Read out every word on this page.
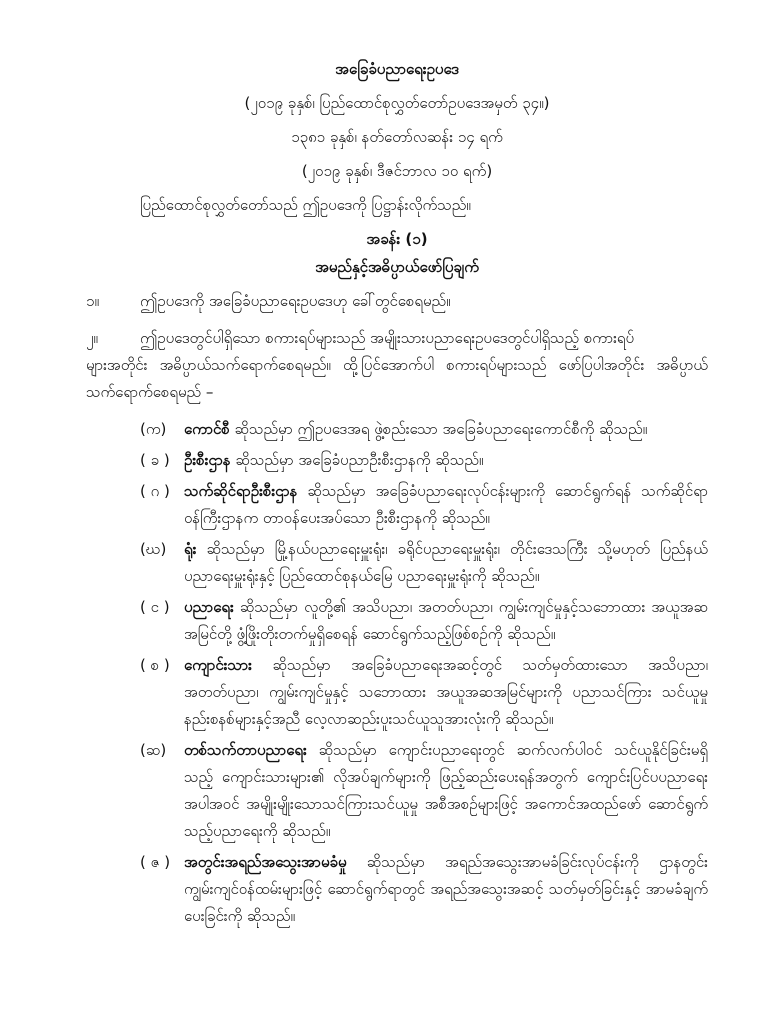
အခြေခံပညာရေးဥပဒေ
(၂၀၁၉ ခုနှစ်၊ ပြည်ထောင်စုလွှတ်တော်ဥပဒေအမှတ် ၃၄။)
၁၃၈၁ ခုနှစ်၊ နတ်တော်လဆန်း ၁၄ ရက်
(၂၀၁၉ ခုနှစ်၊ ဒီဇင်ဘာလ ၁၀ ရက်)
ပြည်ထောင်စုလွှတ်တော်သည် ဤဥပဒေကို ပြဋ္ဌာန်းလိုက်သည်။
အခန်း (၁)
အမည်နှင့်အဓိပ္ပာယ်ဖော်ပြချက်
၁။	ဤဥပဒေကို အခြေခံပညာရေးဥပဒေဟု ခေါ်တွင်စေရမည်။
၂။	ဤဥပဒေတွင်ပါရှိသော စကားရပ်များသည် အမျိုးသားပညာရေးဥပဒေတွင်ပါရှိသည့် စကားရပ်
များအတိုင်း အဓိပ္ပာယ်သက်ရောက်စေရမည်။ ထို့ပြင်အောက်ပါ စကားရပ်များသည် ဖော်ပြပါအတိုင်း အဓိပ္ပာယ်သက်ရောက်စေရမည် –
(က)	ကောင်စီ ဆိုသည်မှာ ဤဥပဒေအရ ဖွဲ့စည်းသော အခြေခံပညာရေးကောင်စီကို ဆိုသည်။
( ခ ) ဦးစီးဌာန ဆိုသည်မှာ အခြေခံပညာဦးစီးဌာနကို ဆိုသည်။
( ဂ ) သက်ဆိုင်ရာဦးစီးဌာန ဆိုသည်မှာ အခြေခံပညာရေးလုပ်ငန်းများကို ဆောင်ရွက်ရန် သက်ဆိုင်ရာဝန်ကြီးဌာနက တာဝန်ပေးအပ်သော ဦးစီးဌာနကို ဆိုသည်။
(ဃ)	ရုံး ဆိုသည်မှာ မြို့နယ်ပညာရေးမှူးရုံး၊ ခရိုင်ပညာရေးမှူးရုံး၊ တိုင်းဒေသကြီး သို့မဟုတ် ပြည်နယ်ပညာရေးမှူးရုံးနှင့် ပြည်ထောင်စုနယ်မြေ ပညာရေးမှူးရုံးကို ဆိုသည်။
( င ) ပညာရေး ဆိုသည်မှာ လူတို့၏ အသိပညာ၊ အတတ်ပညာ၊ ကျွမ်းကျင်မှုနှင့်သဘောထား အယူအဆ အမြင်တို့ ဖွံ့ဖြိုးတိုးတက်မှုရှိစေရန် ဆောင်ရွက်သည့်ဖြစ်စဉ်ကို ဆိုသည်။
( စ ) ကျောင်းသား ဆိုသည်မှာ အခြေခံပညာရေးအဆင့်တွင် သတ်မှတ်ထားသော အသိပညာ၊ အတတ်ပညာ၊ ကျွမ်းကျင်မှုနှင့် သဘောထား အယူအဆအမြင်များကို ပညာသင်ကြား သင်ယူမှုနည်းစနစ်များနှင့်အညီ လေ့လာဆည်းပူးသင်ယူသူအားလုံးကို ဆိုသည်။
(ဆ)	တစ်သက်တာပညာရေး ဆိုသည်မှာ ကျောင်းပညာရေးတွင် ဆက်လက်ပါဝင် သင်ယူနိုင်ခြင်းမရှိသည့် ကျောင်းသားများ၏ လိုအပ်ချက်များကို ဖြည့်ဆည်းပေးရန်အတွက် ကျောင်းပြင်ပပညာရေးအပါအဝင် အမျိုးမျိုးသောသင်ကြားသင်ယူမှု အစီအစဉ်များဖြင့် အကောင်အထည်ဖော် ဆောင်ရွက်သည့်ပညာရေးကို ဆိုသည်။
( ဇ ) အတွင်းအရည်အသွေးအာမခံမှု ဆိုသည်မှာ အရည်အသွေးအာမခံခြင်းလုပ်ငန်းကို ဌာနတွင်း ကျွမ်းကျင်ဝန်ထမ်းများဖြင့် ဆောင်ရွက်ရာတွင် အရည်အသွေးအဆင့် သတ်မှတ်ခြင်းနှင့် အာမခံချက်ပေးခြင်းကို ဆိုသည်။
